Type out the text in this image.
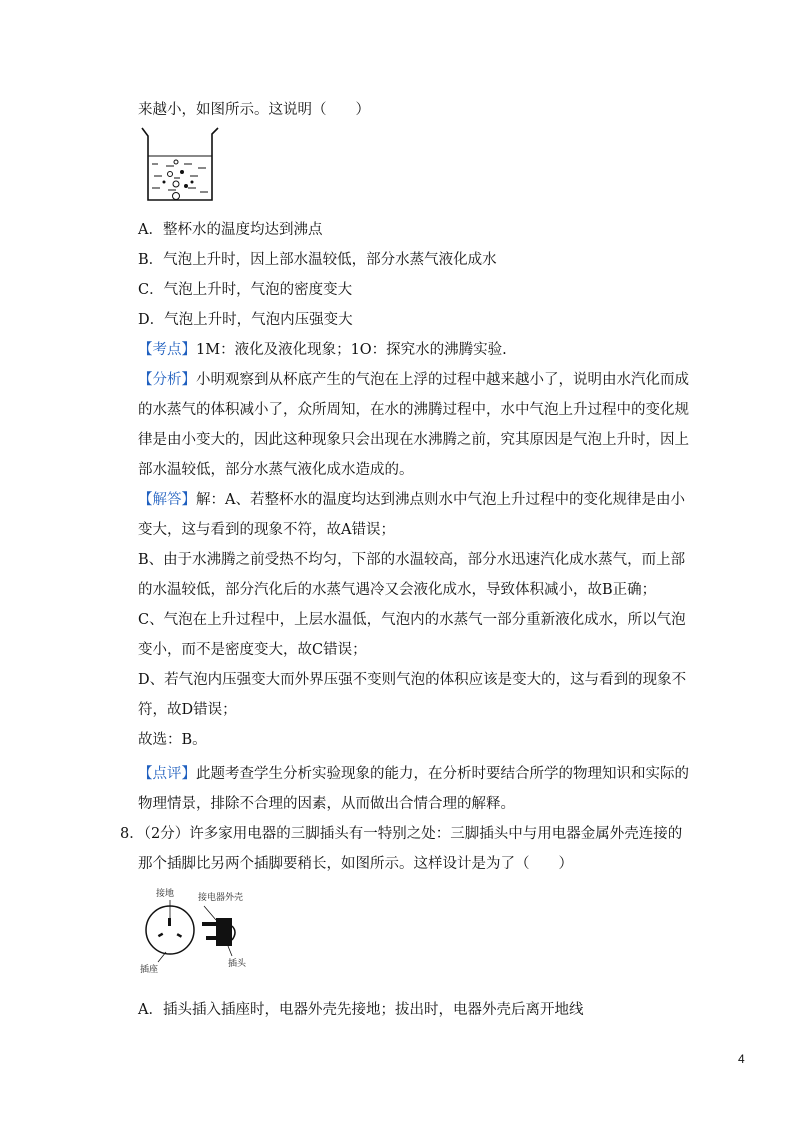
来越小，如图所示。这说明（　　）
A．整杯水的温度均达到沸点
B．气泡上升时，因上部水温较低，部分水蒸气液化成水
C．气泡上升时，气泡的密度变大
D．气泡上升时，气泡内压强变大
【考点】1M：液化及液化现象；1O：探究水的沸腾实验.
【分析】小明观察到从杯底产生的气泡在上浮的过程中越来越小了，说明由水汽化而成
的水蒸气的体积减小了，众所周知，在水的沸腾过程中，水中气泡上升过程中的变化规
律是由小变大的，因此这种现象只会出现在水沸腾之前，究其原因是气泡上升时，因上
部水温较低，部分水蒸气液化成水造成的。
【解答】解：A、若整杯水的温度均达到沸点则水中气泡上升过程中的变化规律是由小
变大，这与看到的现象不符，故A错误；
B、由于水沸腾之前受热不均匀，下部的水温较高，部分水迅速汽化成水蒸气，而上部
的水温较低，部分汽化后的水蒸气遇冷又会液化成水，导致体积减小，故B正确；
C、气泡在上升过程中，上层水温低，气泡内的水蒸气一部分重新液化成水，所以气泡
变小，而不是密度变大，故C错误；
D、若气泡内压强变大而外界压强不变则气泡的体积应该是变大的，这与看到的现象不
符，故D错误；
故选：B。
【点评】此题考查学生分析实验现象的能力，在分析时要结合所学的物理知识和实际的
物理情景，排除不合理的因素，从而做出合情合理的解释。
8．（2分）许多家用电器的三脚插头有一特别之处：三脚插头中与用电器金属外壳连接的
那个插脚比另两个插脚要稍长，如图所示。这样设计是为了（　　）
接地	接电器外壳
插座
插头
A．插头插入插座时，电器外壳先接地；拔出时，电器外壳后离开地线
4
